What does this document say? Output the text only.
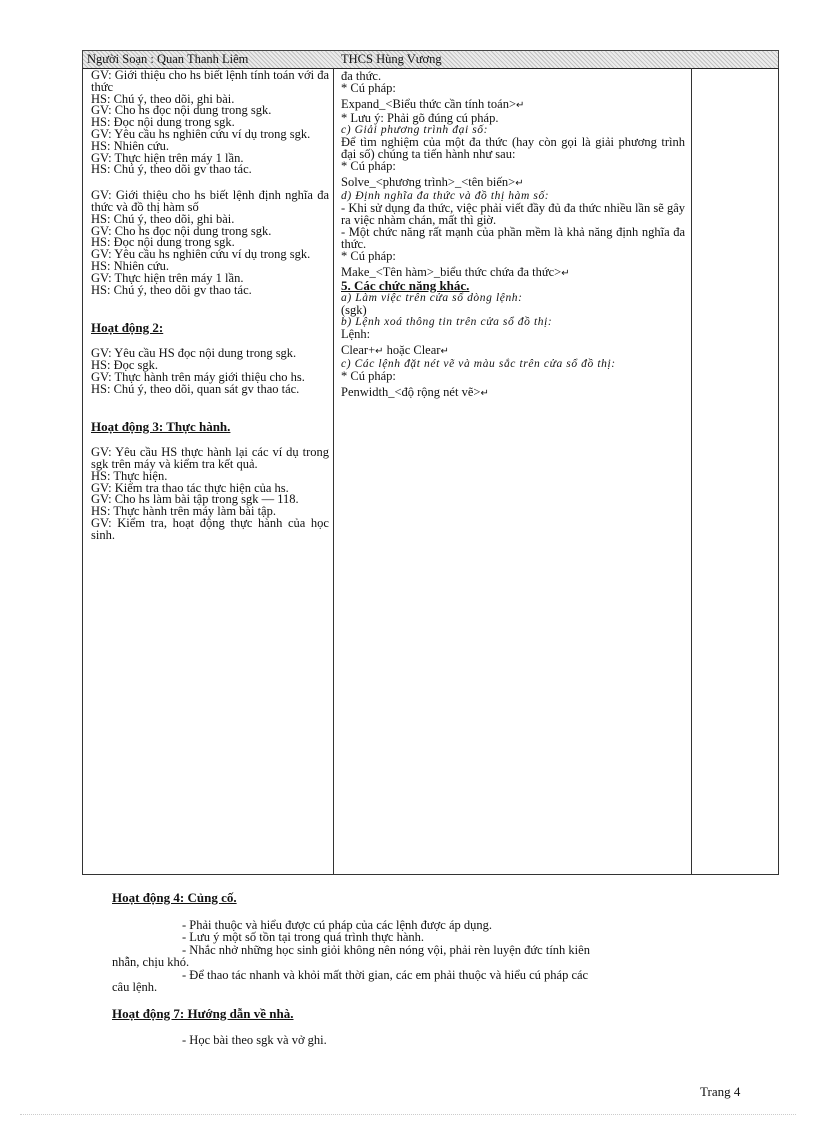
Người Soạn : Quan Thanh Liêm	THCS Hùng Vương

GV: Giới thiệu cho hs biết lệnh tính toán với đa thức

HS: Chú ý, theo dõi, ghi bài.

GV: Cho hs đọc nội dung trong sgk.

HS: Đọc nội dung trong sgk.

GV: Yêu cầu hs nghiên cứu ví dụ trong sgk.

HS: Nhiên cứu.

GV: Thực hiện trên máy 1 lần.

HS: Chú ý, theo dõi gv thao tác.

GV: Giới thiệu cho hs biết lệnh định nghĩa đa thức và đồ thị hàm số

HS: Chú ý, theo dõi, ghi bài.

GV: Cho hs đọc nội dung trong sgk.

HS: Đọc nội dung trong sgk.

GV: Yêu cầu hs nghiên cứu ví dụ trong sgk.

HS: Nhiên cứu.

GV: Thực hiện trên máy 1 lần.

HS: Chú ý, theo dõi gv thao tác.

Hoạt động 2:

GV: Yêu cầu HS đọc nội dung trong sgk.

HS: Đọc sgk.

GV: Thực hành trên máy giới thiệu cho hs.

HS: Chú ý, theo dõi, quan sát gv thao tác.

Hoạt động 3: Thực hành.

GV: Yêu cầu HS thực hành lại các ví dụ trong sgk trên máy và kiểm tra kết quả.

HS: Thực hiện.

GV: Kiểm tra thao tác thực hiện của hs.

GV: Cho hs làm bài tập trong sgk — 118.

HS: Thực hành trên máy làm bài tập.

GV: Kiểm tra, hoạt động thực hành của học sinh.

đa thức.

* Cú pháp:

Expand_<Biểu thức cần tính toán>↵

* Lưu ý: Phải gõ đúng cú pháp.

c) Giải phương trình đại số:

Để tìm nghiệm của một đa thức (hay còn gọi là giải phương trình đại số) chúng ta tiến hành như sau:

* Cú pháp:

Solve_<phương trình>_<tên biến>↵

d) Định nghĩa đa thức và đồ thị hàm số:

- Khi sử dụng đa thức, việc phải viết đầy đủ đa thức nhiều lần sẽ gây ra việc nhàm chán, mất thì giờ.

- Một chức năng rất mạnh của phần mềm là khả năng định nghĩa đa thức.

* Cú pháp:

Make_<Tên hàm>_biểu thức chứa đa thức>↵

5. Các chức năng khác.

a) Làm việc trên cửa sổ dòng lệnh:

(sgk)

b) Lệnh xoá thông tin trên cửa sổ đồ thị:

Lệnh:

Clear+↵ hoặc Clear↵

c) Các lệnh đặt nét vẽ và màu sắc trên cửa sổ đồ thị:

* Cú pháp:

Penwidth_<độ rộng nét vẽ>↵

Hoạt động 4: Củng cố.

- Phải thuộc và hiểu được cú pháp của các lệnh được áp dụng.

- Lưu ý một số tồn tại trong quá trình thực hành.

- Nhắc nhở những học sinh giỏi không nên nóng vội, phải rèn luyện đức tính kiên

nhẫn, chịu khó.

- Để thao tác nhanh và khỏi mất thời gian, các em phải thuộc và hiểu cú pháp các

câu lệnh.

Hoạt động 7: Hướng dẫn về nhà.

- Học bài theo sgk và vở ghi.

Trang 4
